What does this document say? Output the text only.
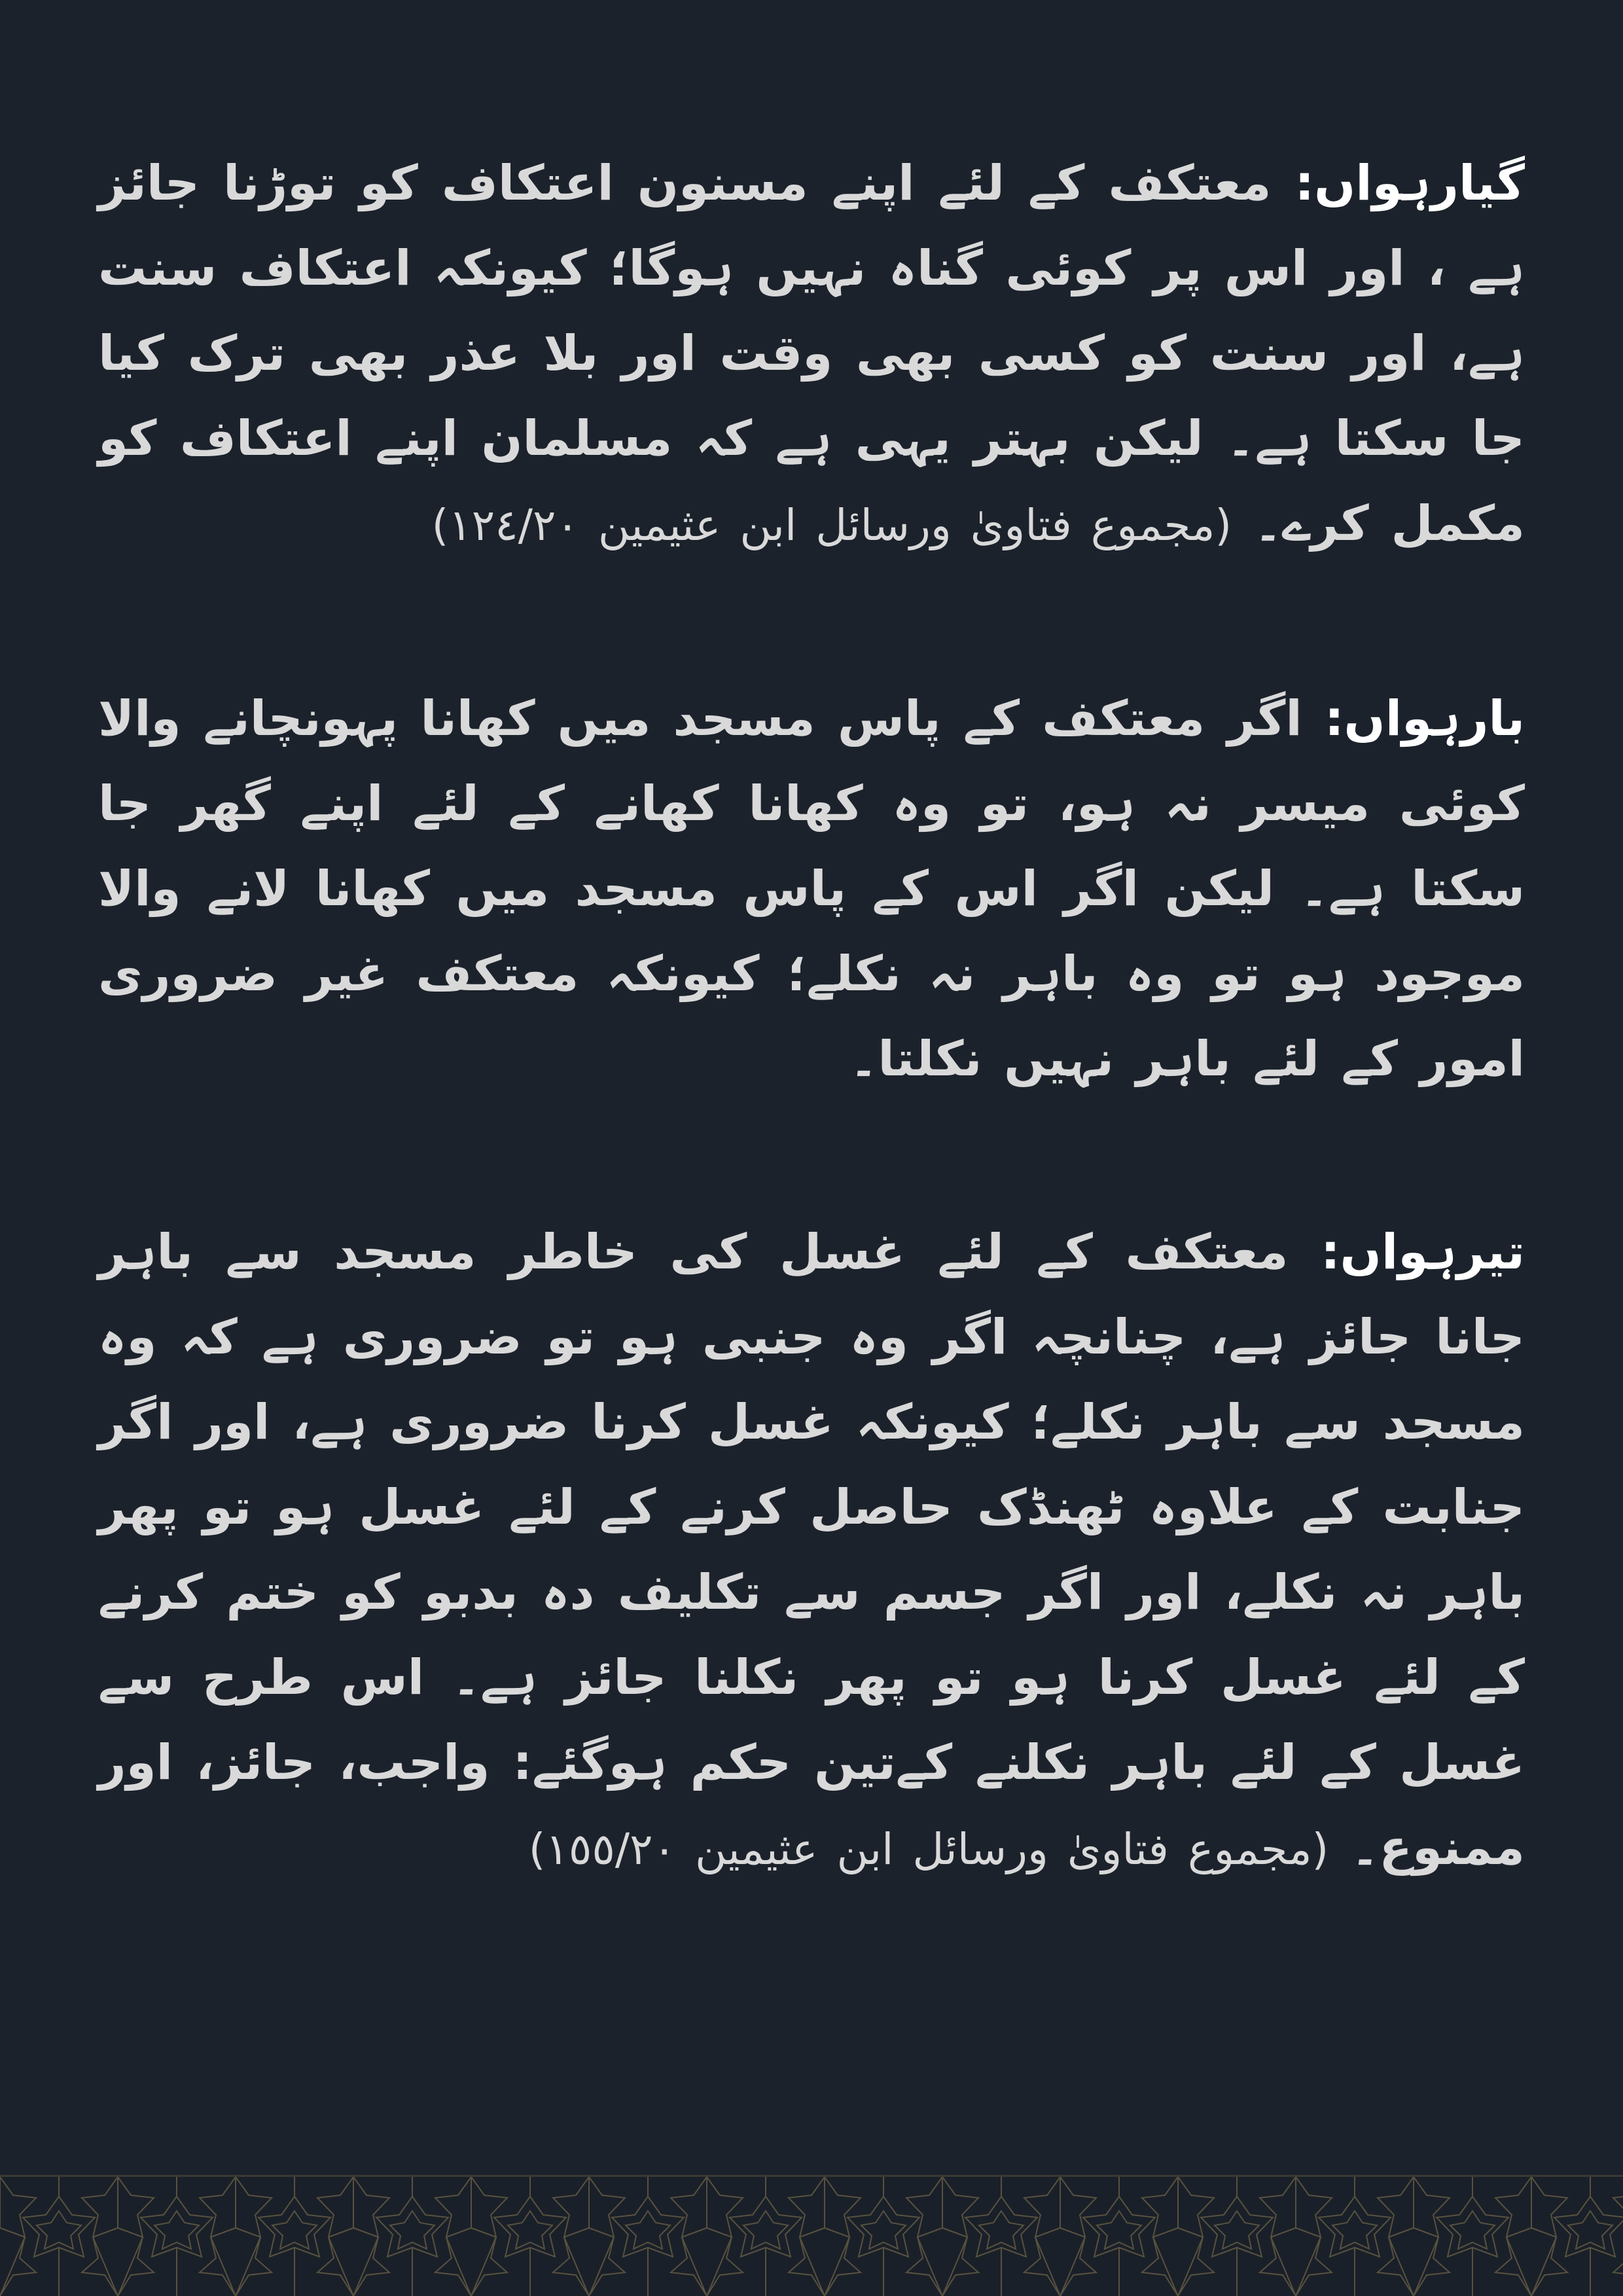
گیارہواں: معتکف کے لئے اپنے مسنون اعتکاف کو توڑنا جائز ہے ، اور اس پر کوئی گناہ نہیں ہوگا؛ کیونکہ اعتکاف سنت ہے، اور سنت کو کسی بھی وقت اور بلا عذر بھی ترک کیا جا سکتا ہے۔ لیکن بہتر یہی ہے کہ مسلمان اپنے اعتکاف کو مکمل کرے۔ (مجموع فتاویٰ ورسائل ابن عثيمين ١٢٤/٢٠)

بارہواں: اگر معتکف کے پاس مسجد میں کھانا پہونچانے والا کوئی میسر نہ ہو، تو وہ کھانا کھانے کے لئے اپنے گھر جا سکتا ہے۔ لیکن اگر اس کے پاس مسجد میں کھانا لانے والا موجود ہو تو وہ باہر نہ نکلے؛ کیونکہ معتکف غیر ضروری امور کے لئے باہر نہیں نکلتا۔

تیرہواں: معتکف کے لئے غسل کی خاطر مسجد سے باہر جانا جائز ہے، چنانچہ اگر وہ جنبی ہو تو ضروری ہے کہ وہ مسجد سے باہر نکلے؛ کیونکہ غسل کرنا ضروری ہے، اور اگر جنابت کے علاوہ ٹھنڈک حاصل کرنے کے لئے غسل ہو تو پھر باہر نہ نکلے، اور اگر جسم سے تکلیف دہ بدبو کو ختم کرنے کے لئے غسل کرنا ہو تو پھر نکلنا جائز ہے۔ اس طرح سے غسل کے لئے باہر نکلنے کےتین حکم ہوگئے: واجب، جائز، اور ممنوع۔ (مجموع فتاویٰ ورسائل ابن عثيمين ١٥٥/٢٠)
